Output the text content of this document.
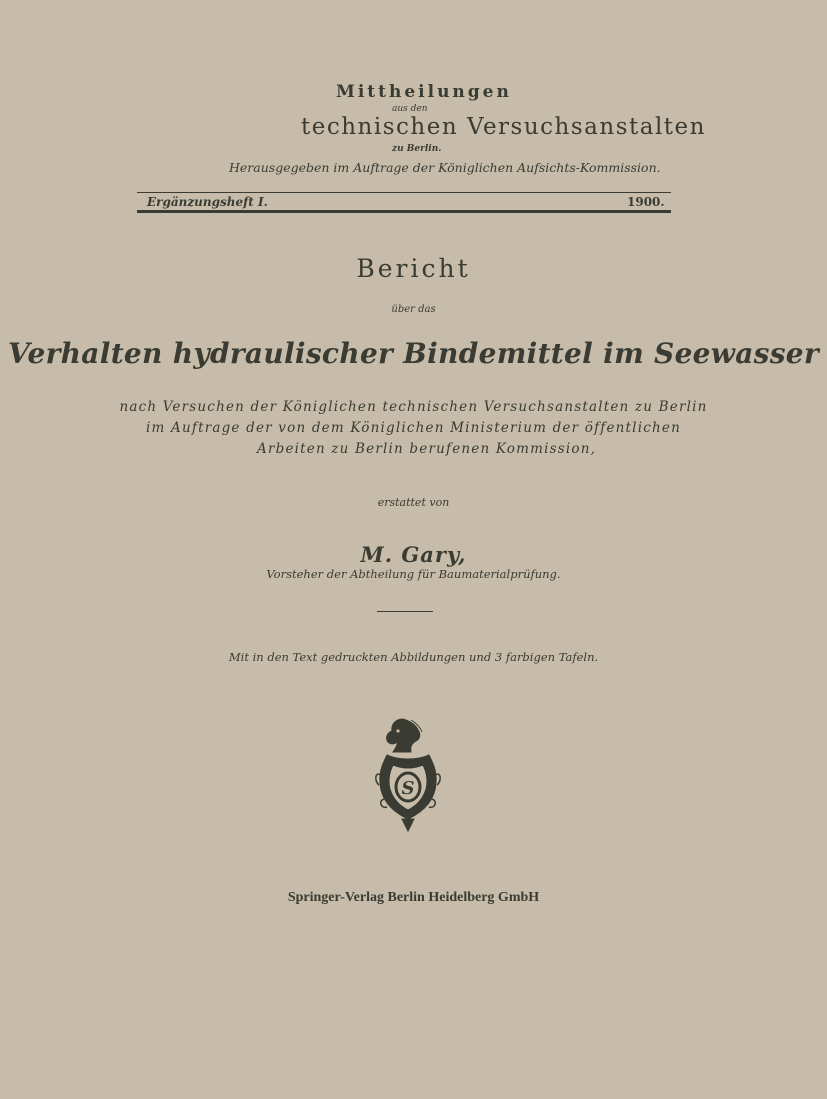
Mittheilungen
aus den
technischen Versuchsanstalten
zu Berlin.
Herausgegeben im Auftrage der Königlichen Aufsichts-Kommission.
Ergänzungsheft I.	1900.
Bericht
über das
Verhalten hydraulischer Bindemittel im Seewasser
nach Versuchen der Königlichen technischen Versuchsanstalten zu Berlin
im Auftrage der von dem Königlichen Ministerium der öffentlichen
Arbeiten zu Berlin berufenen Kommission,
erstattet von
M. Gary,
Vorsteher der Abtheilung für Baumaterialprüfung.
Mit in den Text gedruckten Abbildungen und 3 farbigen Tafeln.
S
Springer-Verlag Berlin Heidelberg GmbH
